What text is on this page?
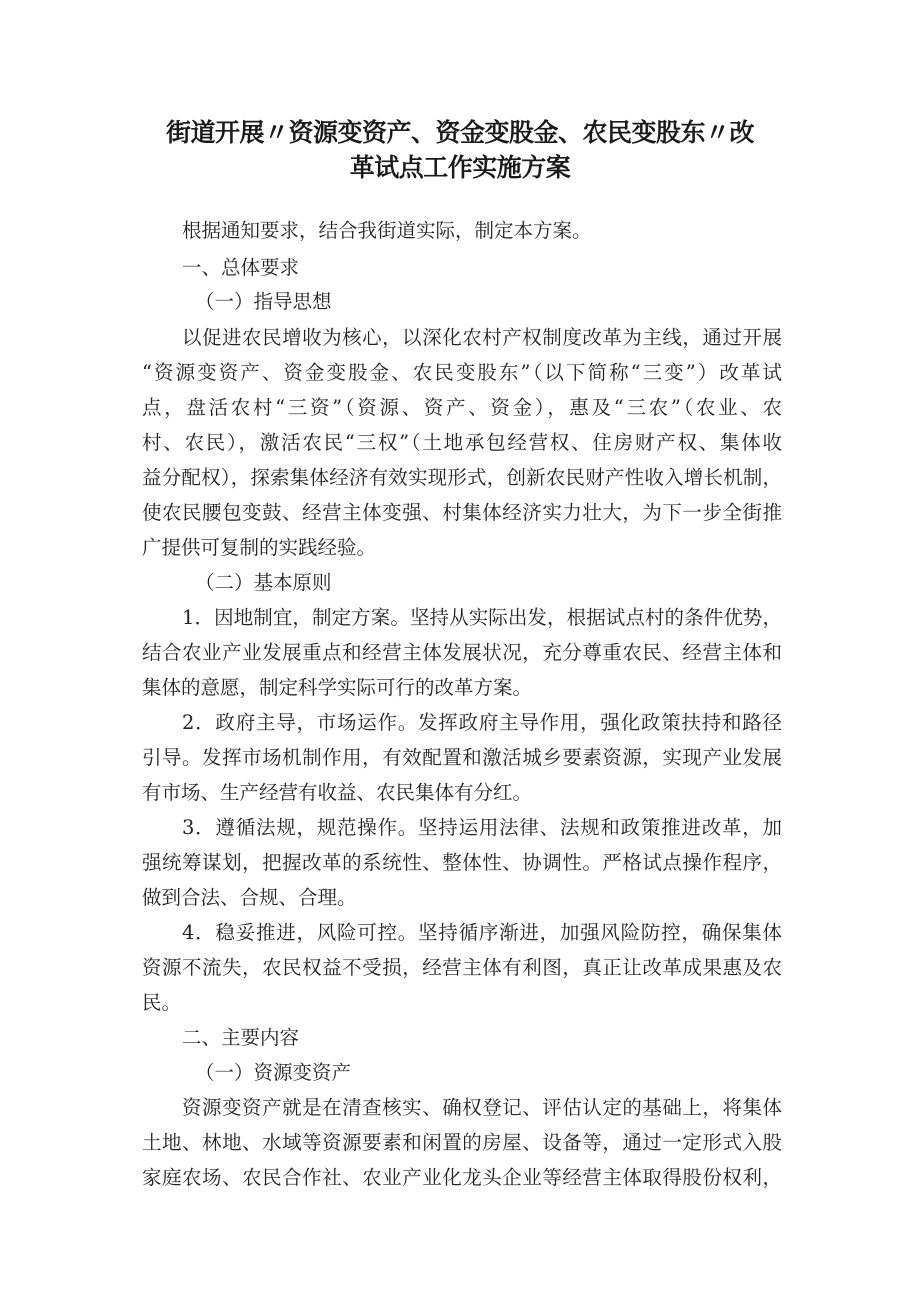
街道开展〃资源变资产、资金变股金、农民变股东〃改
革试点工作实施方案
根据通知要求，结合我街道实际，制定本方案。
一、总体要求
（一）指导思想
以促进农民增收为核心，以深化农村产权制度改革为主线，通过开展
“资源变资产、资金变股金、农民变股东”（以下简称“三变”）改革试
点，盘活农村“三资”（资源、资产、资金），惠及“三农”（农业、农
村、农民），激活农民“三权”（土地承包经营权、住房财产权、集体收
益分配权），探索集体经济有效实现形式，创新农民财产性收入增长机制，
使农民腰包变鼓、经营主体变强、村集体经济实力壮大，为下一步全街推
广提供可复制的实践经验。
（二）基本原则
1．因地制宜，制定方案。坚持从实际出发，根据试点村的条件优势，
结合农业产业发展重点和经营主体发展状况，充分尊重农民、经营主体和
集体的意愿，制定科学实际可行的改革方案。
2．政府主导，市场运作。发挥政府主导作用，强化政策扶持和路径
引导。发挥市场机制作用，有效配置和激活城乡要素资源，实现产业发展
有市场、生产经营有收益、农民集体有分红。
3．遵循法规，规范操作。坚持运用法律、法规和政策推进改革，加
强统筹谋划，把握改革的系统性、整体性、协调性。严格试点操作程序，
做到合法、合规、合理。
4．稳妥推进，风险可控。坚持循序渐进，加强风险防控，确保集体
资源不流失，农民权益不受损，经营主体有利图，真正让改革成果惠及农
民。
二、主要内容
（一）资源变资产
资源变资产就是在清查核实、确权登记、评估认定的基础上，将集体
土地、林地、水域等资源要素和闲置的房屋、设备等，通过一定形式入股
家庭农场、农民合作社、农业产业化龙头企业等经营主体取得股份权利，
